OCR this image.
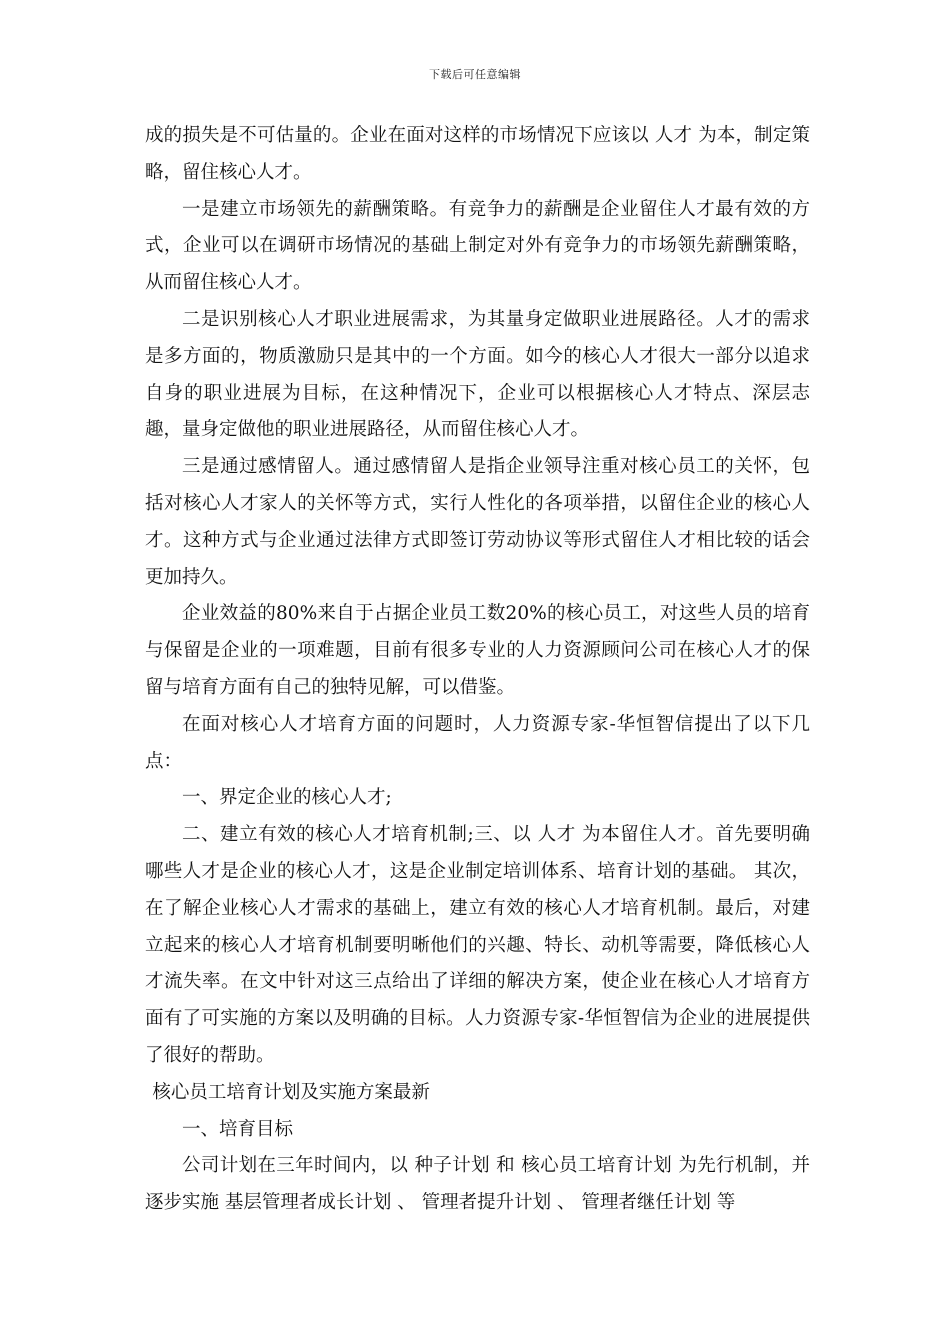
下载后可任意编辑

成的损失是不可估量的。企业在面对这样的市场情况下应该以 人才 为本，制定策略，留住核心人才。

一是建立市场领先的薪酬策略。有竞争力的薪酬是企业留住人才最有效的方式，企业可以在调研市场情况的基础上制定对外有竞争力的市场领先薪酬策略，从而留住核心人才。

二是识别核心人才职业进展需求，为其量身定做职业进展路径。人才的需求是多方面的，物质激励只是其中的一个方面。如今的核心人才很大一部分以追求自身的职业进展为目标，在这种情况下，企业可以根据核心人才特点、深层志趣，量身定做他的职业进展路径，从而留住核心人才。

三是通过感情留人。通过感情留人是指企业领导注重对核心员工的关怀，包括对核心人才家人的关怀等方式，实行人性化的各项举措，以留住企业的核心人才。这种方式与企业通过法律方式即签订劳动协议等形式留住人才相比较的话会更加持久。

企业效益的80%来自于占据企业员工数20%的核心员工，对这些人员的培育与保留是企业的一项难题，目前有很多专业的人力资源顾问公司在核心人才的保留与培育方面有自己的独特见解，可以借鉴。

在面对核心人才培育方面的问题时，人力资源专家-华恒智信提出了以下几点：

一、界定企业的核心人才;

二、建立有效的核心人才培育机制;三、以 人才 为本留住人才。首先要明确哪些人才是企业的核心人才，这是企业制定培训体系、培育计划的基础。 其次，在了解企业核心人才需求的基础上，建立有效的核心人才培育机制。最后，对建立起来的核心人才培育机制要明晰他们的兴趣、特长、动机等需要，降低核心人才流失率。在文中针对这三点给出了详细的解决方案，使企业在核心人才培育方面有了可实施的方案以及明确的目标。人力资源专家-华恒智信为企业的进展提供了很好的帮助。

核心员工培育计划及实施方案最新

一、培育目标

公司计划在三年时间内，以 种子计划 和 核心员工培育计划 为先行机制，并逐步实施 基层管理者成长计划 、 管理者提升计划 、 管理者继任计划 等
